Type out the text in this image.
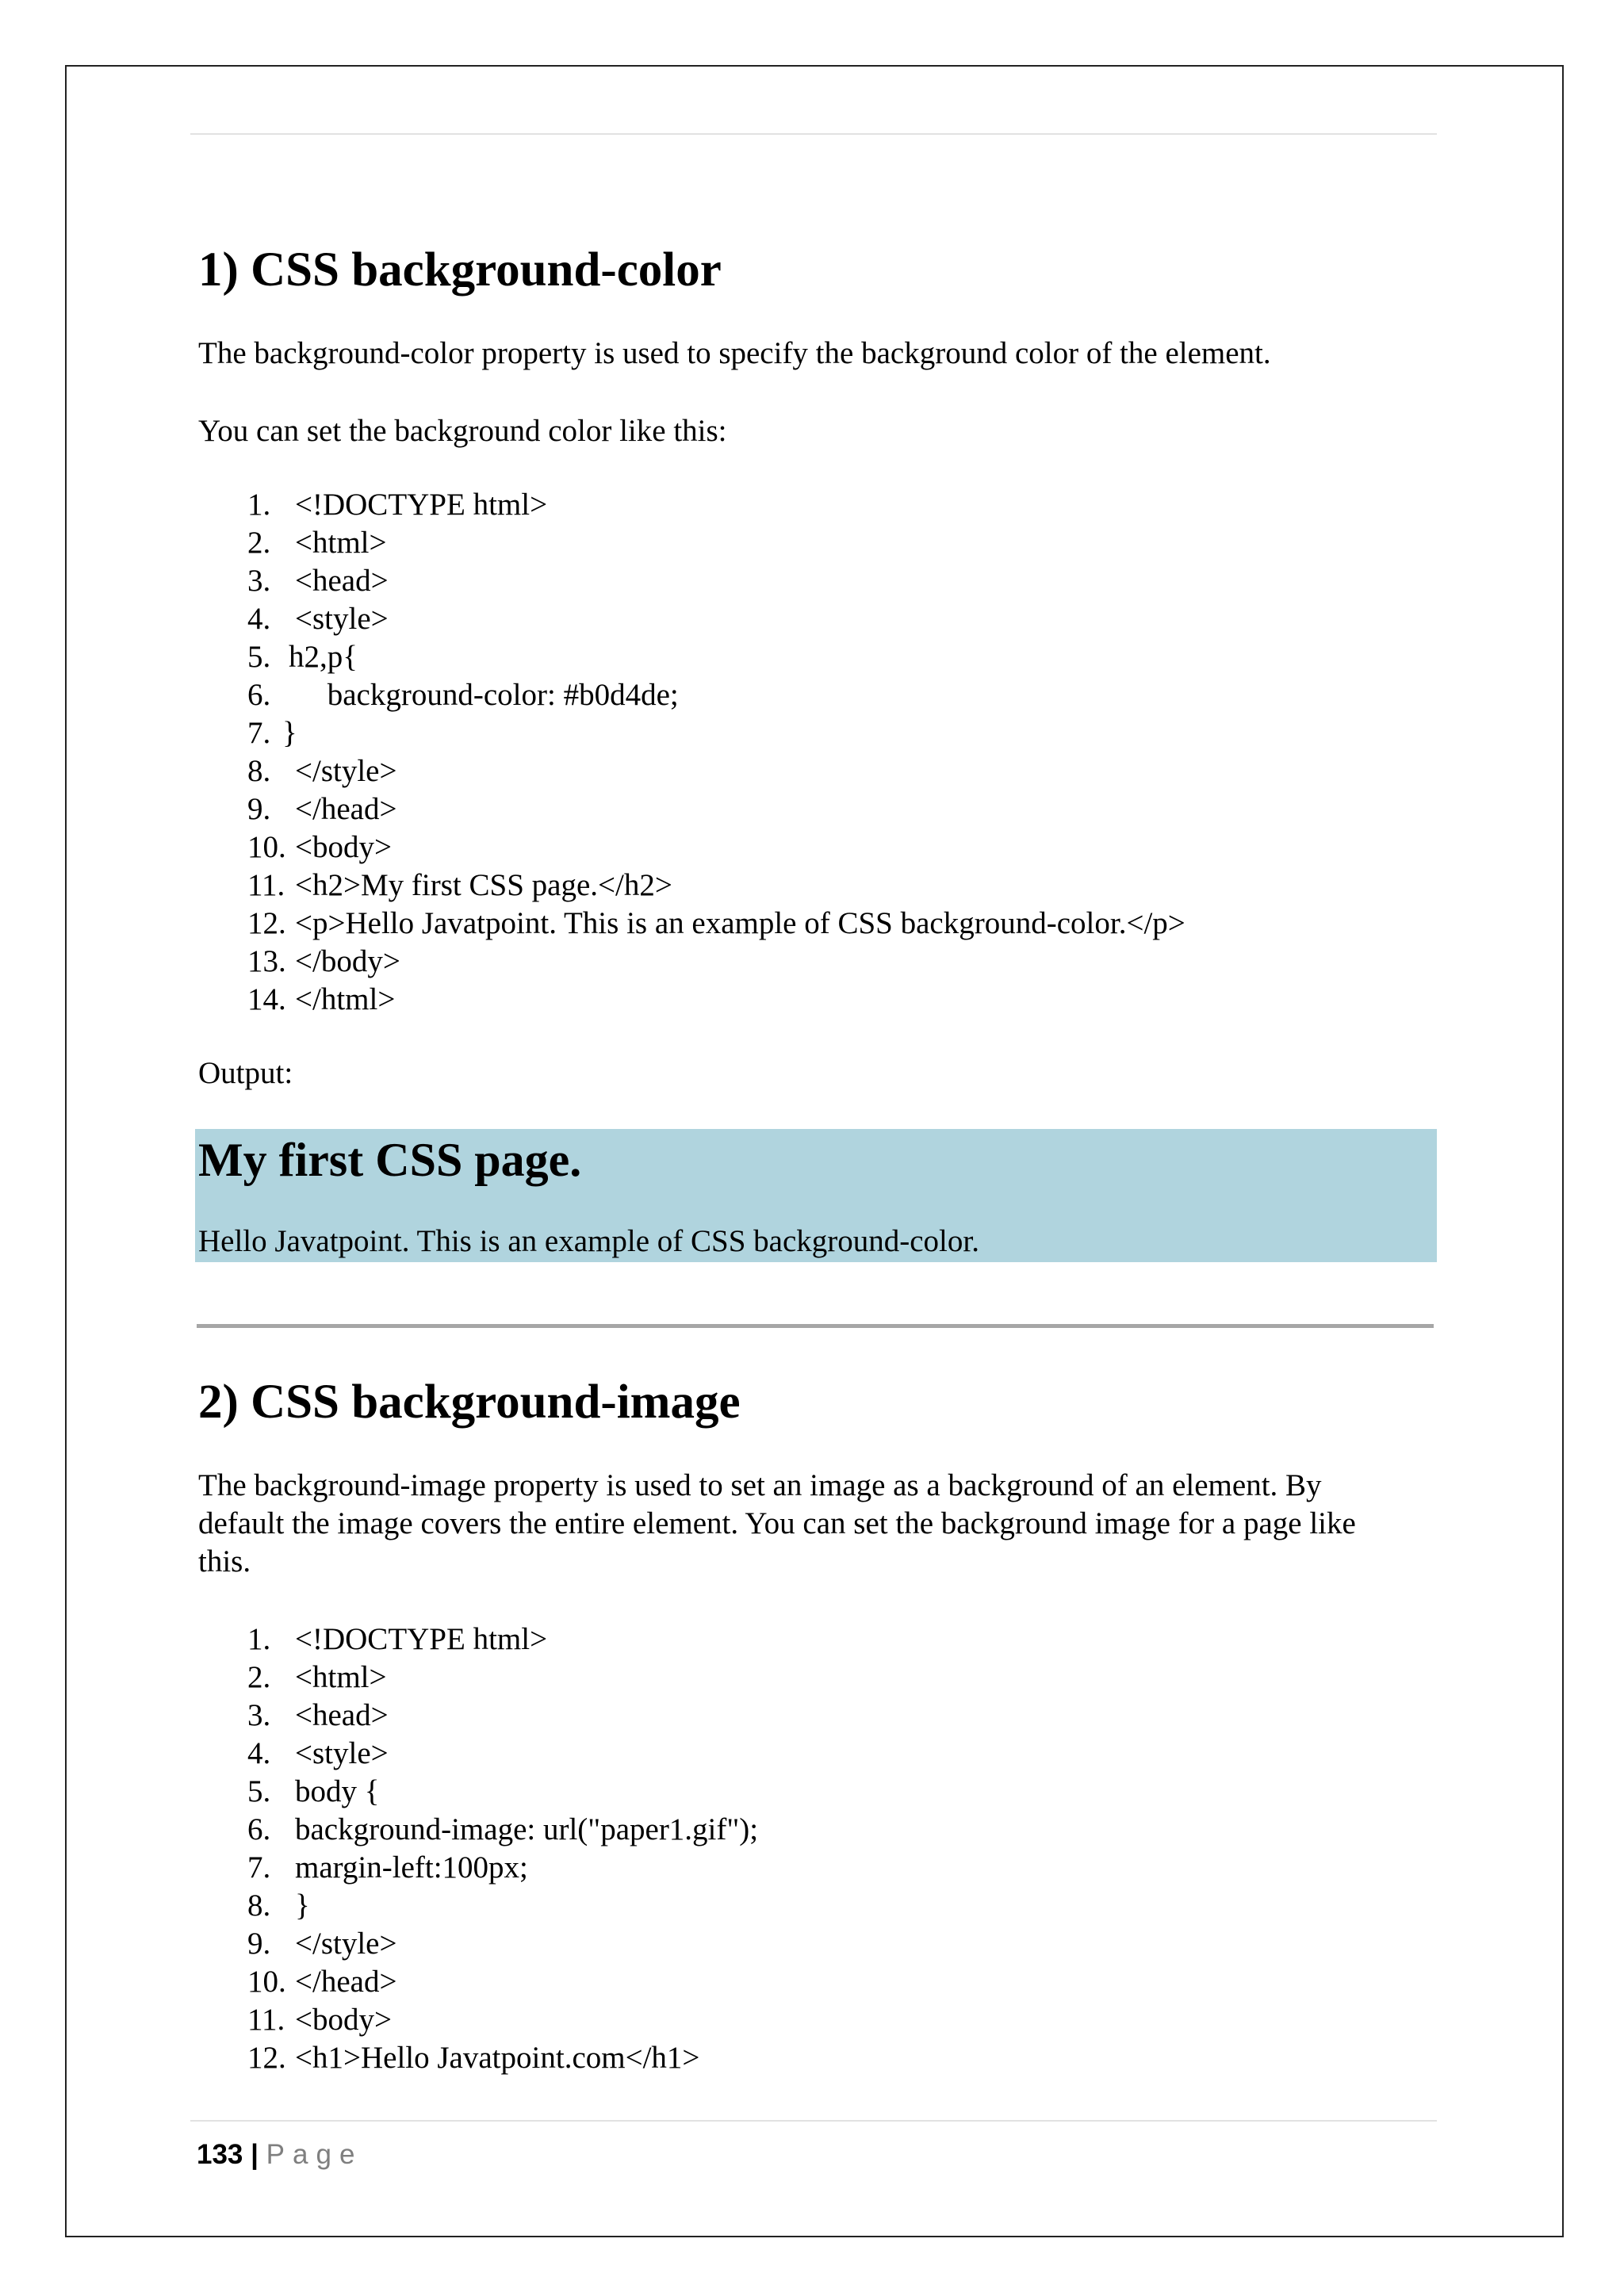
1) CSS background-color

The background-color property is used to specify the background color of the element.

You can set the background color like this:

1. <!DOCTYPE html>
2. <html>
3. <head>
4. <style>
5. h2,p{
6. background-color: #b0d4de;
7. }
8. </style>
9. </head>
10. <body>
11. <h2>My first CSS page.</h2>
12. <p>Hello Javatpoint. This is an example of CSS background-color.</p>
13. </body>
14. </html>

Output:

My first CSS page.

Hello Javatpoint. This is an example of CSS background-color.

2) CSS background-image

The background-image property is used to set an image as a background of an element. By

default the image covers the entire element. You can set the background image for a page like

this.

1. <!DOCTYPE html>
2. <html>
3. <head>
4. <style>
5. body {
6. background-image: url("paper1.gif");
7. margin-left:100px;
8. }
9. </style>
10. </head>
11. <body>
12. <h1>Hello Javatpoint.com</h1>

133 | Page
